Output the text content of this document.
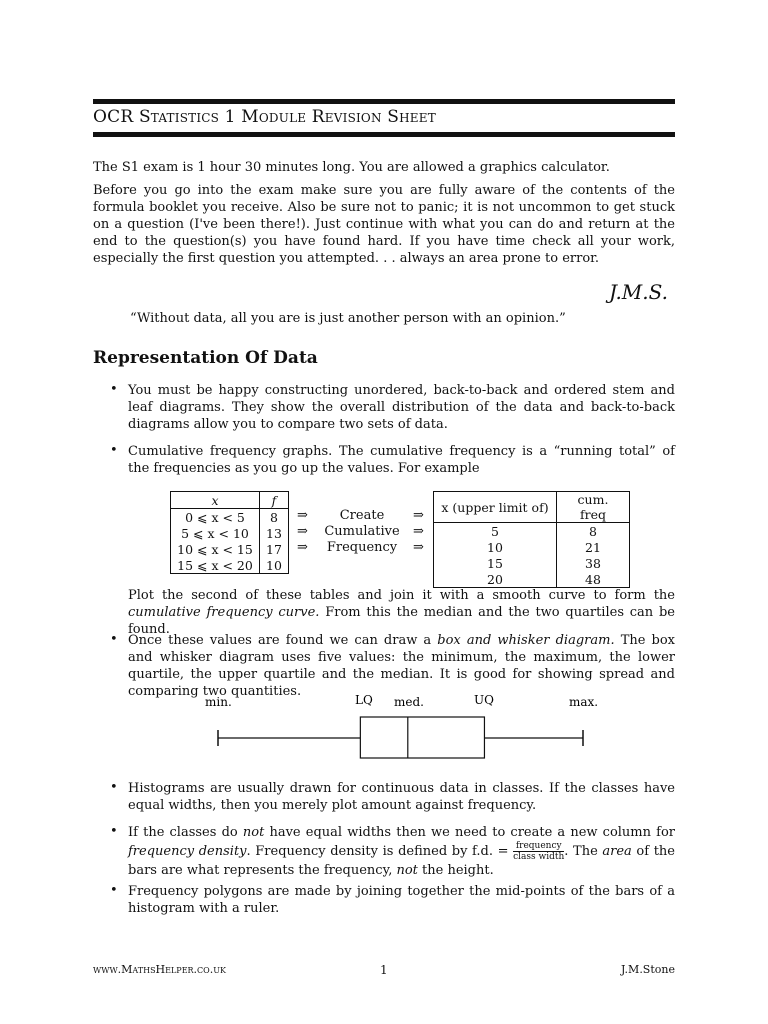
OCR Statistics 1 Module Revision Sheet
The S1 exam is 1 hour 30 minutes long. You are allowed a graphics calculator.
Before you go into the exam make sure you are fully aware of the contents of the formula booklet you receive. Also be sure not to panic; it is not uncommon to get stuck on a question (I've been there!). Just continue with what you can do and return at the end to the question(s) you have found hard. If you have time check all your work, especially the first question you attempted. . . always an area prone to error.
J.M.S.
“Without data, all you are is just another person with an opinion.”
Representation Of Data
• You must be happy constructing unordered, back-to-back and ordered stem and leaf diagrams. They show the overall distribution of the data and back-to-back diagrams allow you to compare two sets of data.
• Cumulative frequency graphs. The cumulative frequency is a “running total” of the frequencies as you go up the values. For example
x	f
0 ⩽ x < 5	8
5 ⩽ x < 10	13
10 ⩽ x < 15	17
15 ⩽ x < 20	10
⇒
⇒
⇒
Create
Cumulative
Frequency
⇒
⇒
⇒
x (upper limit of)	cum. freq
5	8
10	21
15	38
20	48
Plot the second of these tables and join it with a smooth curve to form the cumulative frequency curve. From this the median and the two quartiles can be found.
• Once these values are found we can draw a box and whisker diagram. The box and whisker diagram uses five values: the minimum, the maximum, the lower quartile, the upper quartile and the median. It is good for showing spread and comparing two quantities.
min.	LQ med.	UQ	max.
• Histograms are usually drawn for continuous data in classes. If the classes have equal widths, then you merely plot amount against frequency.
• If the classes do not have equal widths then we need to create a new column for frequency density. Frequency density is defined by f.d. = $\frac{\text{frequency}}{\text{class width}}$. The area of the bars are what represents the frequency, not the height.
• Frequency polygons are made by joining together the mid-points of the bars of a histogram with a ruler.
www.MathsHelper.co.uk	1	J.M.Stone
